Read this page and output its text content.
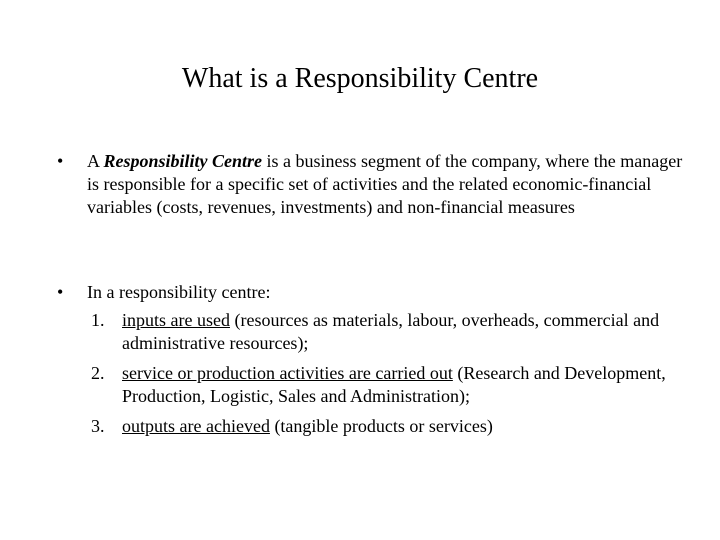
What is a Responsibility Centre
•	A Responsibility Centre is a business segment of the company, where the manager is responsible for a specific set of activities and the related economic-financial variables (costs, revenues, investments) and non-financial measures
•	In a responsibility centre:
1. inputs are used (resources as materials, labour, overheads, commercial and administrative resources);
2. service or production activities are carried out (Research and Development, Production, Logistic, Sales and Administration);
3. outputs are achieved (tangible products or services)
